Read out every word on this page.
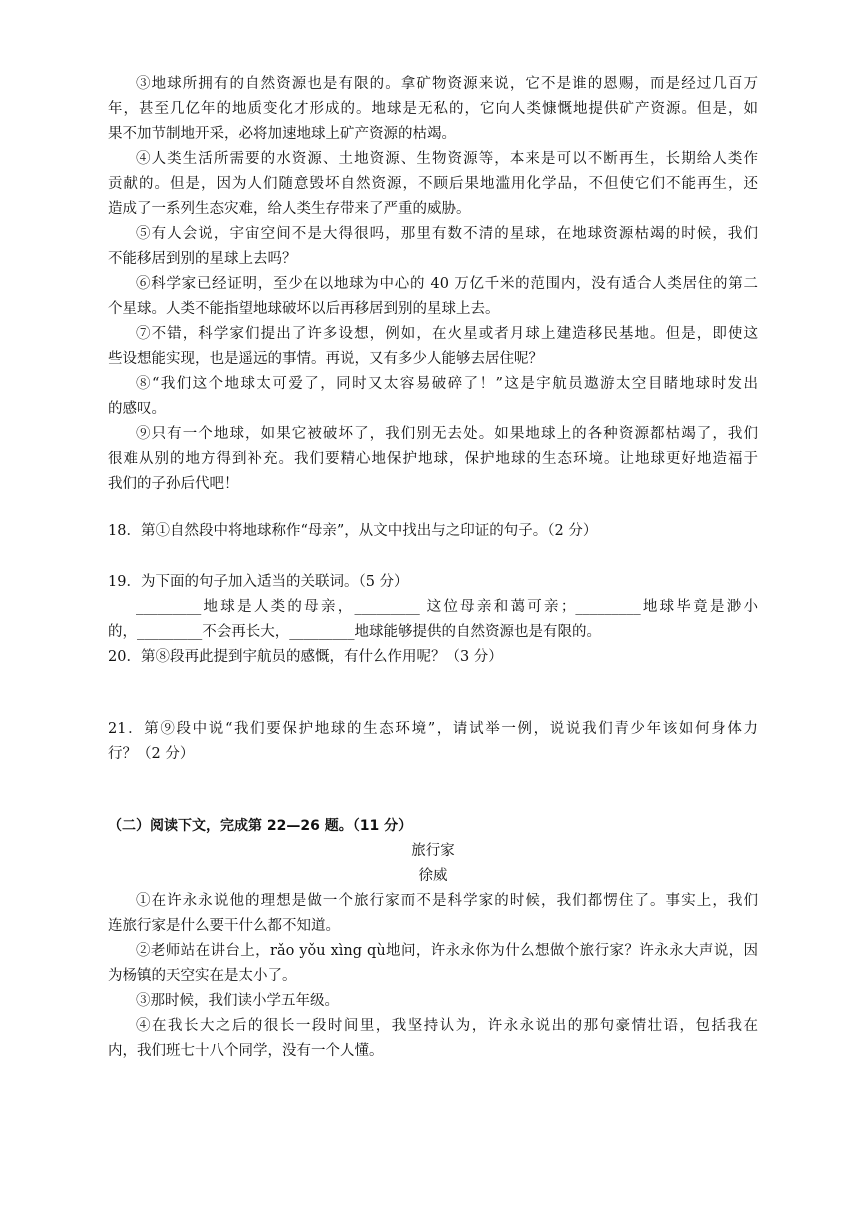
③地球所拥有的自然资源也是有限的。拿矿物资源来说，它不是谁的恩赐，而是经过几百万
年，甚至几亿年的地质变化才形成的。地球是无私的，它向人类慷慨地提供矿产资源。但是，如
果不加节制地开采，必将加速地球上矿产资源的枯竭。
④人类生活所需要的水资源、土地资源、生物资源等，本来是可以不断再生，长期给人类作
贡献的。但是，因为人们随意毁坏自然资源，不顾后果地滥用化学品，不但使它们不能再生，还
造成了一系列生态灾难，给人类生存带来了严重的威胁。
⑤有人会说，宇宙空间不是大得很吗，那里有数不清的星球，在地球资源枯竭的时候，我们
不能移居到别的星球上去吗？
⑥科学家已经证明，至少在以地球为中心的 40 万亿千米的范围内，没有适合人类居住的第二
个星球。人类不能指望地球破坏以后再移居到别的星球上去。
⑦不错，科学家们提出了许多设想，例如，在火星或者月球上建造移民基地。但是，即使这
些设想能实现，也是遥远的事情。再说，又有多少人能够去居住呢？
⑧“我们这个地球太可爱了，同时又太容易破碎了！”这是宇航员遨游太空目睹地球时发出
的感叹。
⑨只有一个地球，如果它被破坏了，我们别无去处。如果地球上的各种资源都枯竭了，我们
很难从别的地方得到补充。我们要精心地保护地球，保护地球的生态环境。让地球更好地造福于
我们的子孙后代吧！
18．第①自然段中将地球称作“母亲”，从文中找出与之印证的句子。（2 分）
19．为下面的句子加入适当的关联词。（5 分）
_________地球是人类的母亲，_________ 这位母亲和蔼可亲；_________地球毕竟是渺小
的，_________不会再长大，_________地球能够提供的自然资源也是有限的。
20．第⑧段再此提到宇航员的感慨，有什么作用呢？（3 分）
21．第⑨段中说“我们要保护地球的生态环境”，请试举一例，说说我们青少年该如何身体力
行？（2 分）
（二）阅读下文，完成第 22—26 题。（11 分）
旅行家
徐威
①在许永永说他的理想是做一个旅行家而不是科学家的时候，我们都愣住了。事实上，我们
连旅行家是什么要干什么都不知道。
②老师站在讲台上，rǎo yǒu xìng qù地问，许永永你为什么想做个旅行家？许永永大声说，因
为杨镇的天空实在是太小了。
③那时候，我们读小学五年级。
④在我长大之后的很长一段时间里，我坚持认为，许永永说出的那句豪情壮语，包括我在
内，我们班七十八个同学，没有一个人懂。
